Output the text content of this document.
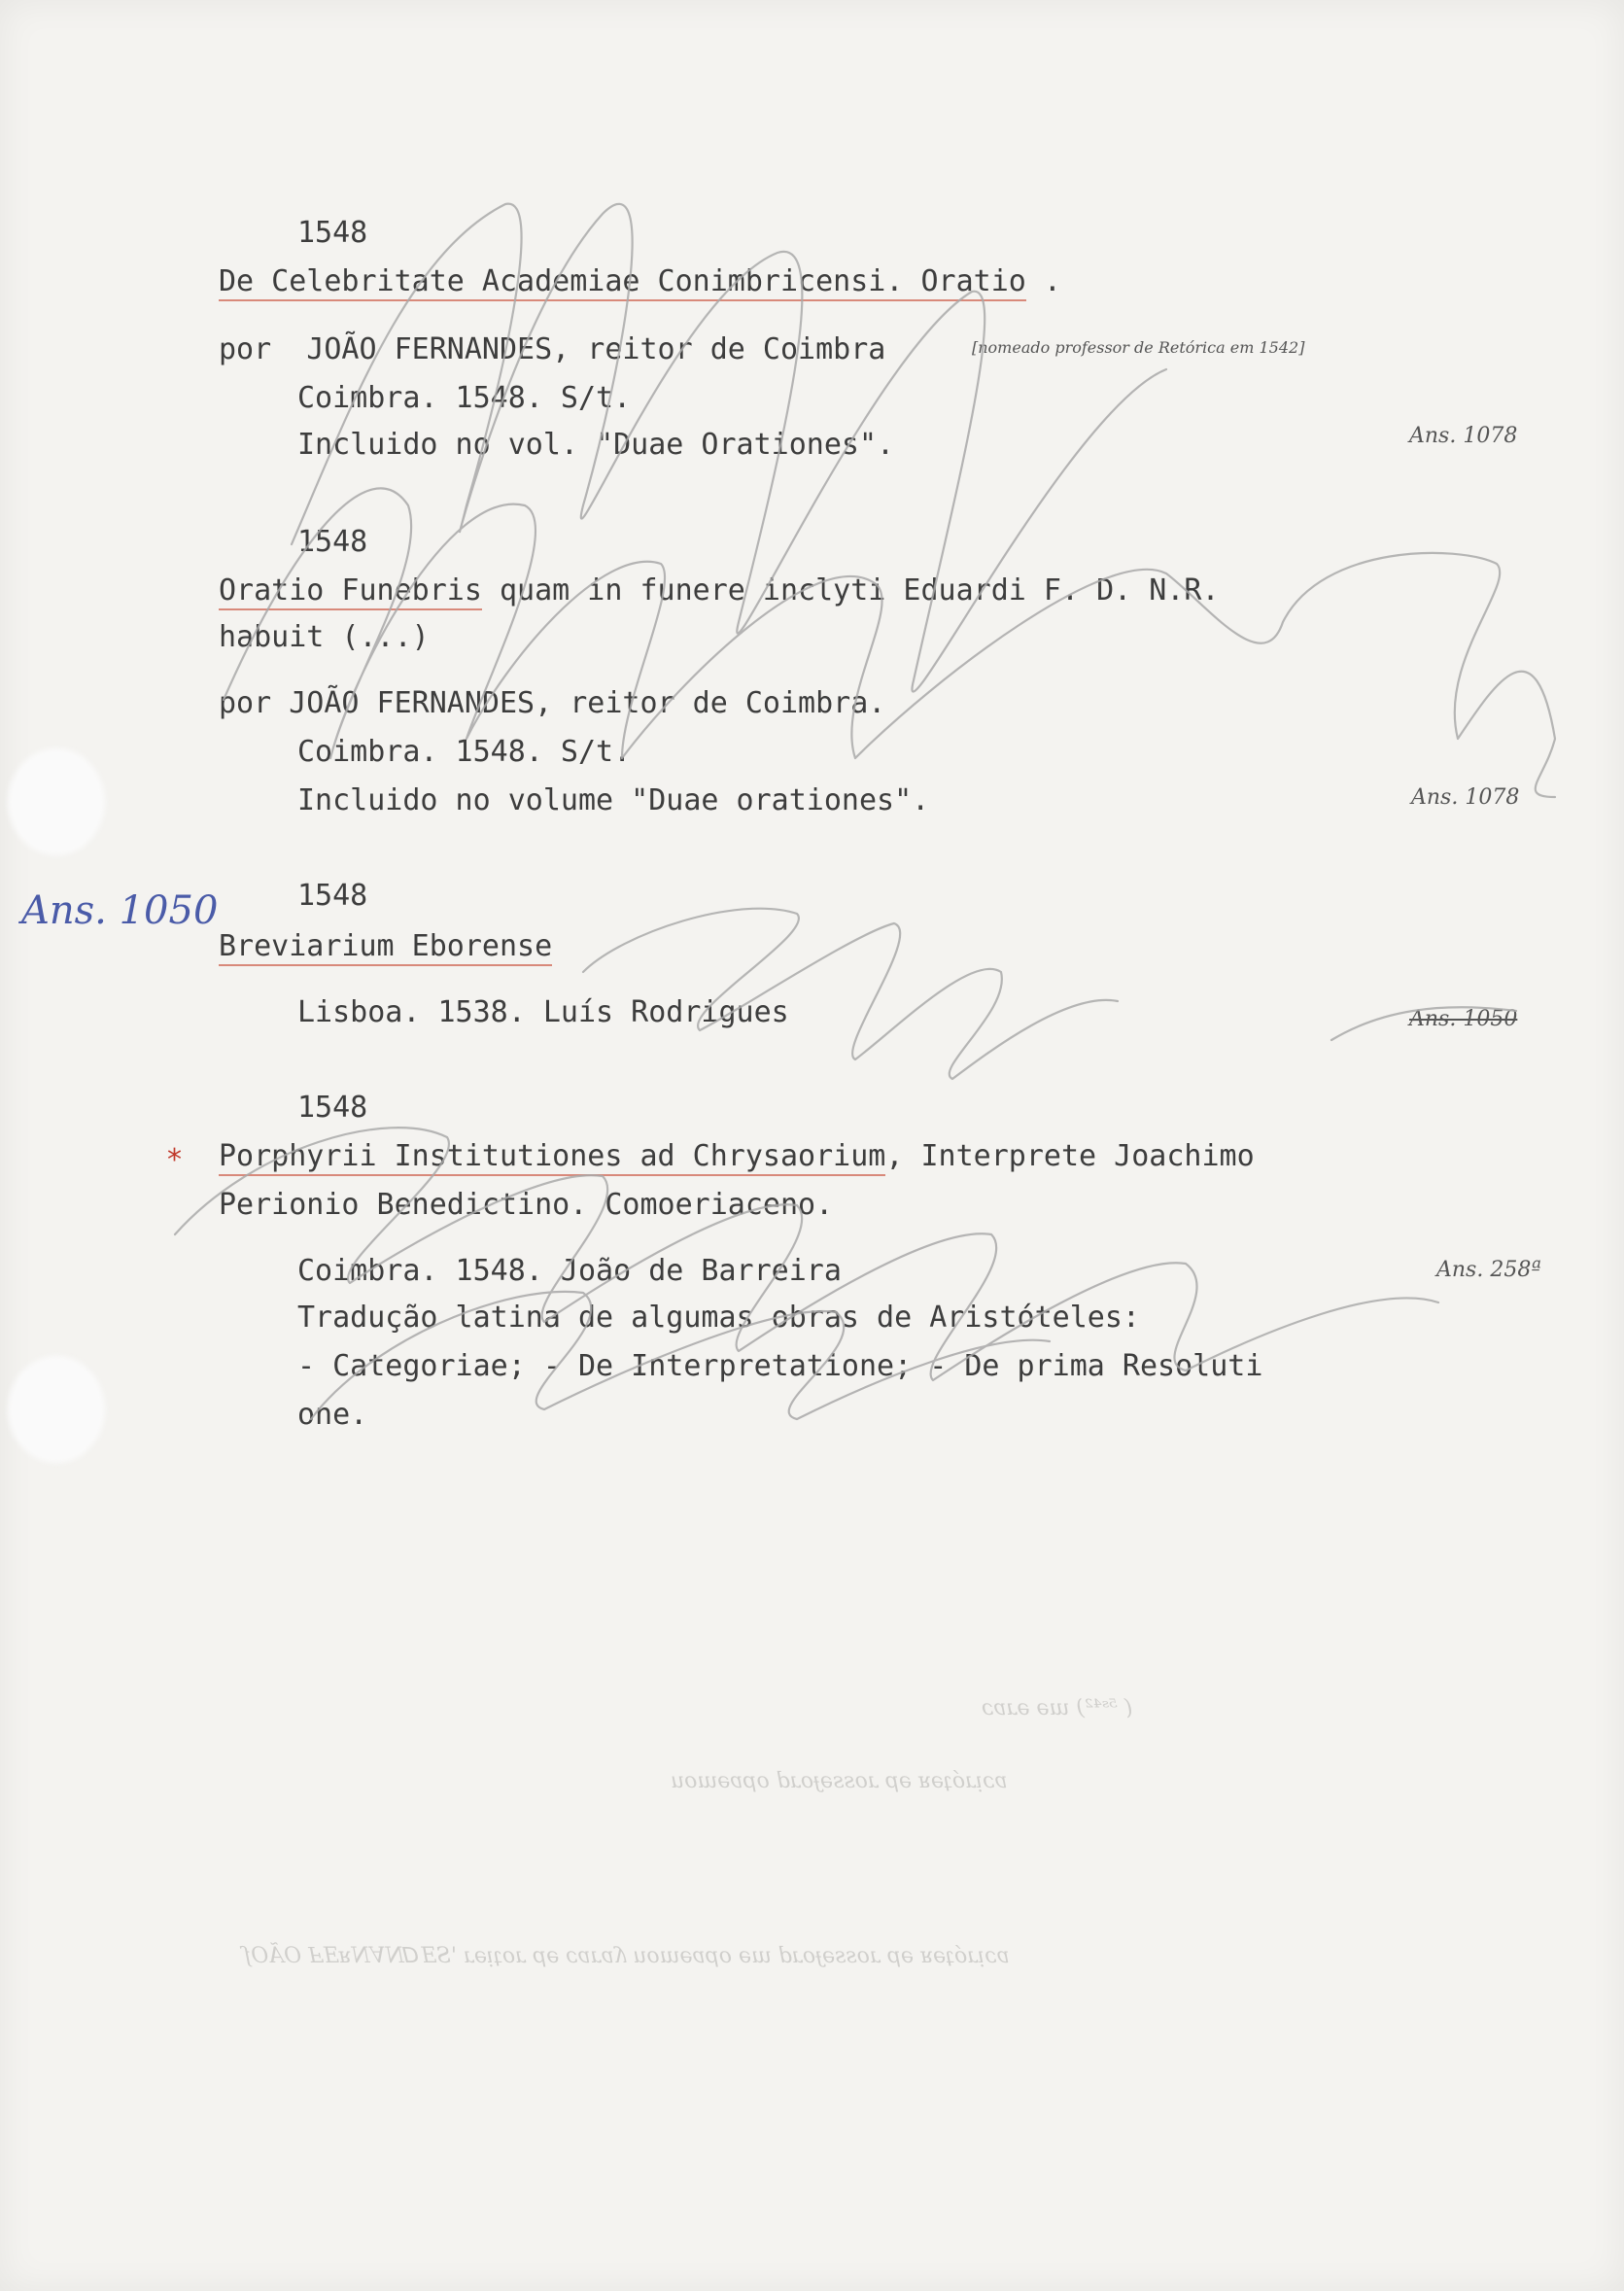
1548
De Celebritate Academiae Conimbricensi. Oratio .
por  JOÃO FERNANDES, reitor de Coimbra	[nomeado professor de Retórica em 1542]
Coimbra. 1548. S/t.
Incluido no vol. "Duae Orationes".	Ans. 1078
1548
Oratio Funebris quam in funere inclyti Eduardi F. D. N.R.
habuit (...)
por JOÃO FERNANDES, reitor de Coimbra.
Coimbra. 1548. S/t.
Incluido no volume "Duae orationes".	Ans. 1078
1548
Ans. 1050
Breviarium Eborense
Lisboa. 1538. Luís Rodrigues	Ans. 1050
1548
* Porphyrii Institutiones ad Chrysaorium, Interprete Joachimo
Perionio Benedictino. Comoeriaceno.
Coimbra. 1548. João de Barreira	Ans. 258ª
Tradução latina de algumas obras de Aristóteles:
- Categoriae; - De Interpretatione; - De prima Resoluti
one.
( ⁵ˢ⁴²) ɯə əɹɐɔ
ɐɔᴉɹóʇəᴚ əp ɹossǝɟoɹd opɐǝɯou
ɐɔᴉɹóʇəᴚ əp ɹossǝɟoɹd ɯə opɐǝɯou ʎɐɹɐɔ əp ɹoʇᴉəɹ 'SƎᗡNⱯNᴚƎℲ OÃOſ
